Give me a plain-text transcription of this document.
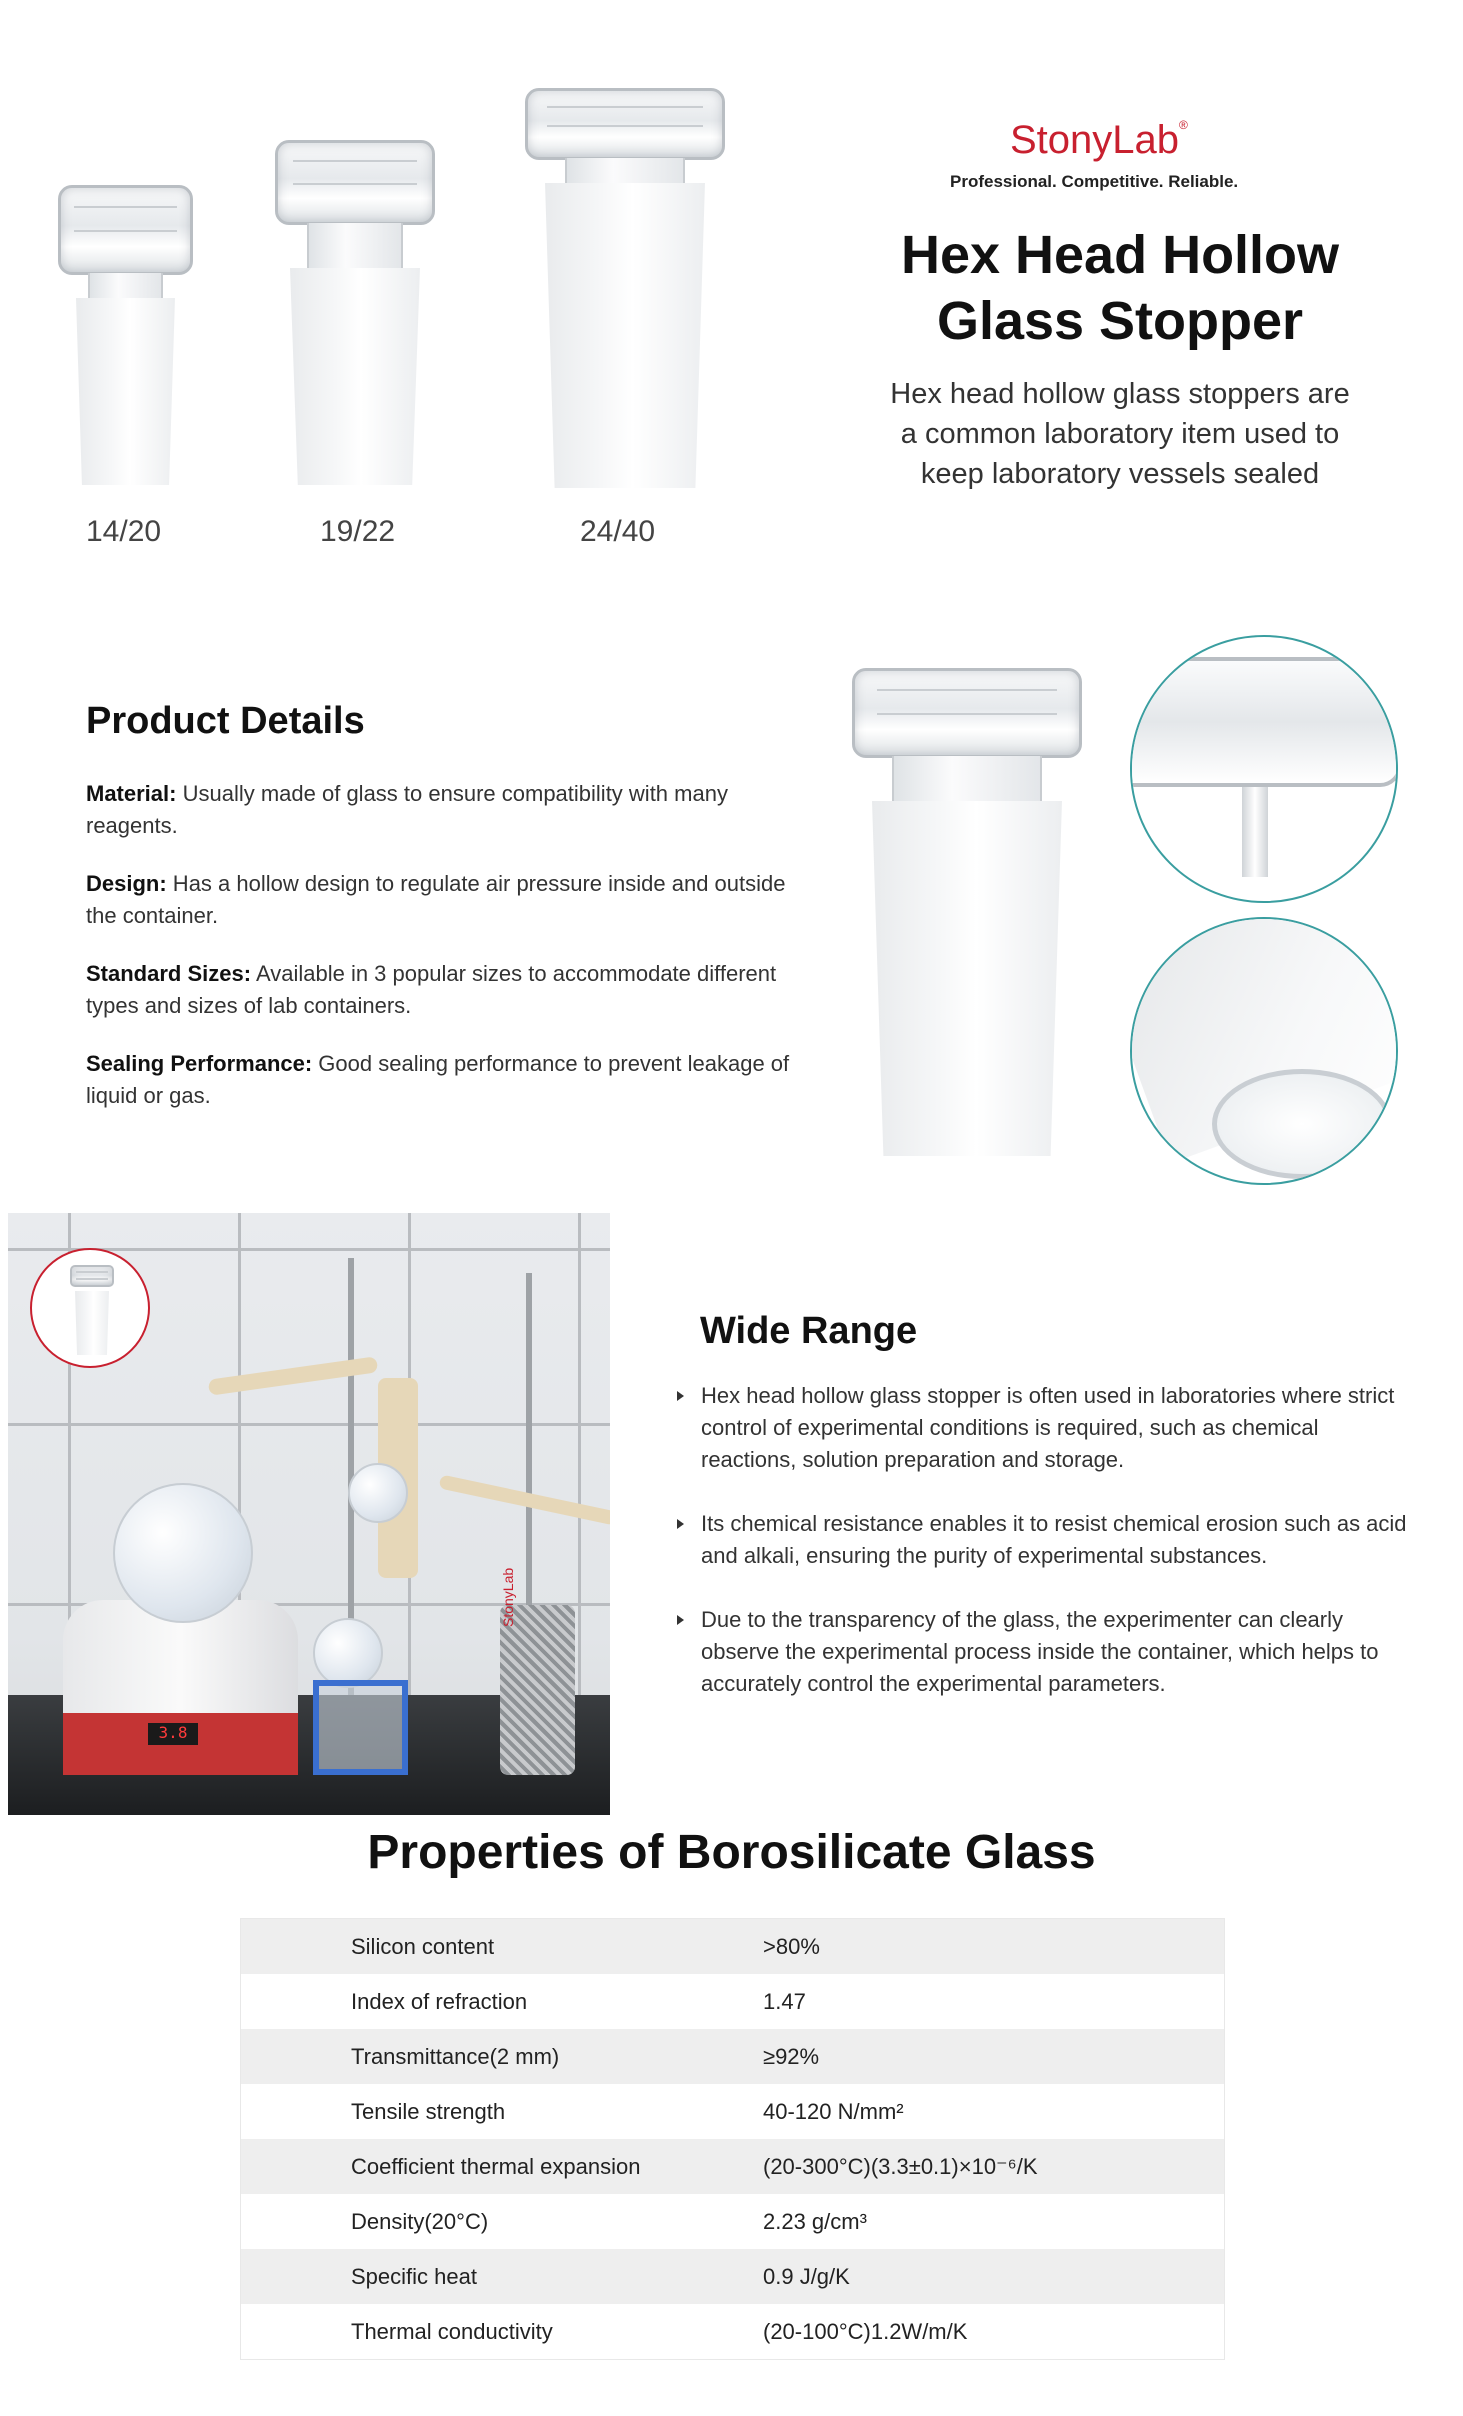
14/20	19/22	24/40
StonyLab®
Professional. Competitive. Reliable.
Hex Head Hollow
Glass Stopper
Hex head hollow glass stoppers are
a common laboratory item used to
keep laboratory vessels sealed
Product Details
Material: Usually made of glass to ensure compatibility with many reagents.
Design: Has a hollow design to regulate air pressure inside and outside the container.
Standard Sizes: Available in 3 popular sizes to accommodate different types and sizes of lab containers.
Sealing Performance: Good sealing performance to prevent leakage of liquid or gas.
3.8
StonyLab
Wide Range
Hex head hollow glass stopper is often used in laboratories where strict control of experimental conditions is required, such as chemical reactions, solution preparation and storage.
Its chemical resistance enables it to resist chemical erosion such as acid and alkali, ensuring the purity of experimental substances.
Due to the transparency of the glass, the experimenter can clearly observe the experimental process inside the container, which helps to accurately control the experimental parameters.
Properties of Borosilicate Glass
Silicon content	>80%
Index of refraction	1.47
Transmittance(2 mm)	≥92%
Tensile strength	40-120 N/mm²
Coefficient thermal expansion	(20-300°C)(3.3±0.1)×10⁻⁶/K
Density(20°C)	2.23 g/cm³
Specific heat	0.9 J/g/K
Thermal conductivity	(20-100°C)1.2W/m/K
